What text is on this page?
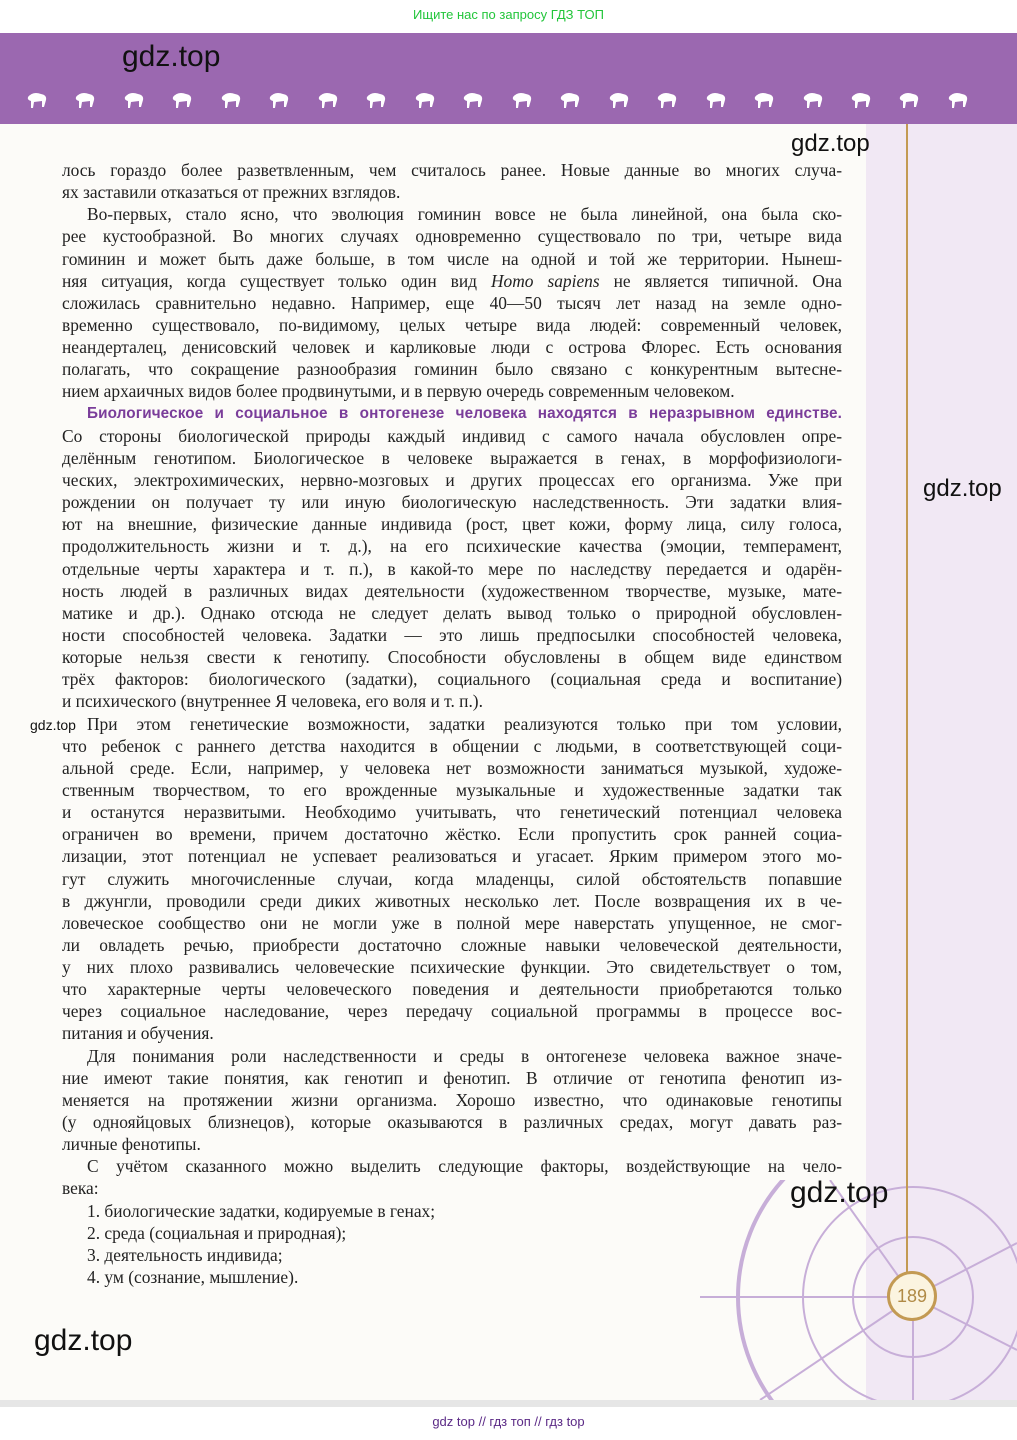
Ищите нас по запросу ГДЗ ТОП
189
лось гораздо более разветвленным, чем считалось ранее. Новые данные во многих случа-
ях заставили отказаться от прежних взглядов.
Во-первых, стало ясно, что эволюция гоминин вовсе не была линейной, она была ско-
рее кустообразной. Во многих случаях одновременно существовало по три, четыре вида
гоминин и может быть даже больше, в том числе на одной и той же территории. Нынеш-
няя ситуация, когда существует только один вид Homo sapiens не является типичной. Она
сложилась сравнительно недавно. Например, еще 40—50 тысяч лет назад на земле одно-
временно существовало, по-видимому, целых четыре вида людей: современный человек,
неандерталец, денисовский человек и карликовые люди с острова Флорес. Есть основания
полагать, что сокращение разнообразия гоминин было связано с конкурентным вытесне-
нием архаичных видов более продвинутыми, и в первую очередь современным человеком.
Биологическое и социальное в онтогенезе человека находятся в неразрывном единстве.
Со стороны биологической природы каждый индивид с самого начала обусловлен опре-
делённым генотипом. Биологическое в человеке выражается в генах, в морфофизиологи-
ческих, электрохимических, нервно-мозговых и других процессах его организма. Уже при
рождении он получает ту или иную биологическую наследственность. Эти задатки влия-
ют на внешние, физические данные индивида (рост, цвет кожи, форму лица, силу голоса,
продолжительность жизни и т. д.), на его психические качества (эмоции, темперамент,
отдельные черты характера и т. п.), в какой-то мере по наследству передается и одарён-
ность людей в различных видах деятельности (художественном творчестве, музыке, мате-
матике и др.). Однако отсюда не следует делать вывод только о природной обусловлен-
ности способностей человека. Задатки — это лишь предпосылки способностей человека,
которые нельзя свести к генотипу. Способности обусловлены в общем виде единством
трёх факторов: биологического (задатки), социального (социальная среда и воспитание)
и психического (внутреннее Я человека, его воля и т. п.).
При этом генетические возможности, задатки реализуются только при том условии,
что ребенок с раннего детства находится в общении с людьми, в соответствующей соци-
альной среде. Если, например, у человека нет возможности заниматься музыкой, художе-
ственным творчеством, то его врожденные музыкальные и художественные задатки так
и останутся неразвитыми. Необходимо учитывать, что генетический потенциал человека
ограничен во времени, причем достаточно жёстко. Если пропустить срок ранней социа-
лизации, этот потенциал не успевает реализоваться и угасает. Ярким примером этого мо-
гут служить многочисленные случаи, когда младенцы, силой обстоятельств попавшие
в джунгли, проводили среди диких животных несколько лет. После возвращения их в че-
ловеческое сообщество они не могли уже в полной мере наверстать упущенное, не смог-
ли овладеть речью, приобрести достаточно сложные навыки человеческой деятельности,
у них плохо развивались человеческие психические функции. Это свидетельствует о том,
что характерные черты человеческого поведения и деятельности приобретаются только
через социальное наследование, через передачу социальной программы в процессе вос-
питания и обучения.
Для понимания роли наследственности и среды в онтогенезе человека важное значе-
ние имеют такие понятия, как генотип и фенотип. В отличие от генотипа фенотип из-
меняется на протяжении жизни организма. Хорошо известно, что одинаковые генотипы
(у однояйцовых близнецов), которые оказываются в различных средах, могут давать раз-
личные фенотипы.
С учётом сказанного можно выделить следующие факторы, воздействующие на чело-
века:
1. биологические задатки, кодируемые в генах;
2. среда (социальная и природная);
3. деятельность индивида;
4. ум (сознание, мышление).
gdz.top
gdz.top
gdz.top
gdz.top
gdz.top
gdz.top
gdz top // гдз топ // гдз top
